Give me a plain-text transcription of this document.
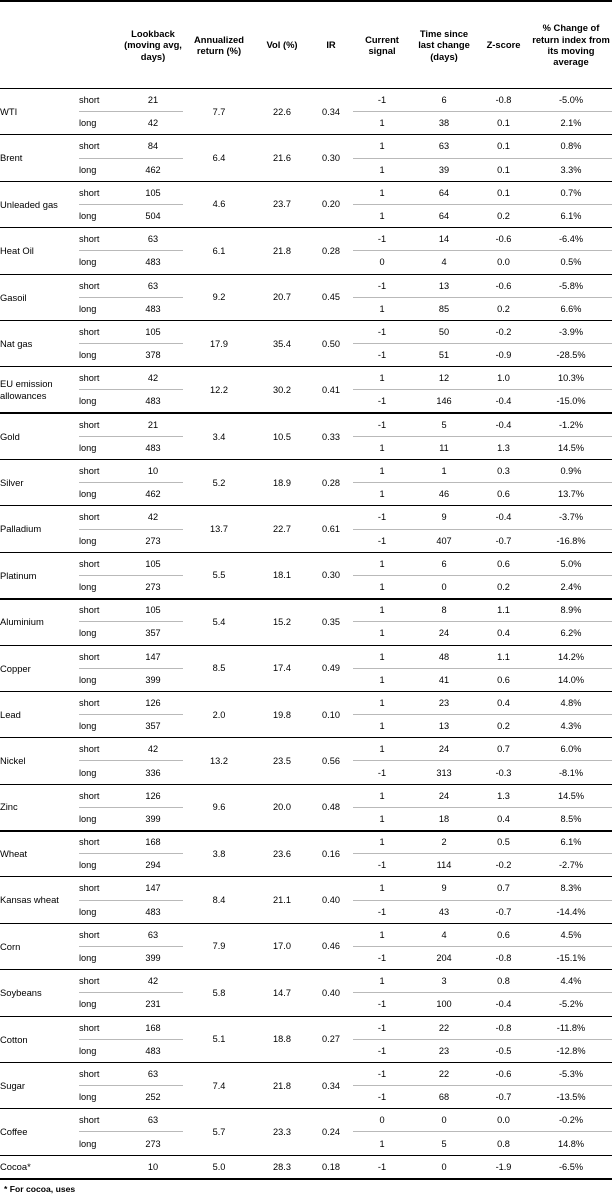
		Lookback (moving avg, days)	Annualized return (%)	Vol (%)	IR	Current signal	Time since last change (days)	Z-score	% Change of return index from its moving average
WTI	short	21	7.7	22.6	0.34	-1	6	-0.8	-5.0%
	long	42				1	38	0.1	2.1%
Brent	short	84	6.4	21.6	0.30	1	63	0.1	0.8%
	long	462				1	39	0.1	3.3%
Unleaded gas	short	105	4.6	23.7	0.20	1	64	0.1	0.7%
	long	504				1	64	0.2	6.1%
Heat Oil	short	63	6.1	21.8	0.28	-1	14	-0.6	-6.4%
	long	483				0	4	0.0	0.5%
Gasoil	short	63	9.2	20.7	0.45	-1	13	-0.6	-5.8%
	long	483				1	85	0.2	6.6%
Nat gas	short	105	17.9	35.4	0.50	-1	50	-0.2	-3.9%
	long	378				-1	51	-0.9	-28.5%
EU emission allowances	short	42	12.2	30.2	0.41	1	12	1.0	10.3%
	long	483				-1	146	-0.4	-15.0%
Gold	short	21	3.4	10.5	0.33	-1	5	-0.4	-1.2%
	long	483				1	11	1.3	14.5%
Silver	short	10	5.2	18.9	0.28	1	1	0.3	0.9%
	long	462				1	46	0.6	13.7%
Palladium	short	42	13.7	22.7	0.61	-1	9	-0.4	-3.7%
	long	273				-1	407	-0.7	-16.8%
Platinum	short	105	5.5	18.1	0.30	1	6	0.6	5.0%
	long	273				1	0	0.2	2.4%
Aluminium	short	105	5.4	15.2	0.35	1	8	1.1	8.9%
	long	357				1	24	0.4	6.2%
Copper	short	147	8.5	17.4	0.49	1	48	1.1	14.2%
	long	399				1	41	0.6	14.0%
Lead	short	126	2.0	19.8	0.10	1	23	0.4	4.8%
	long	357				1	13	0.2	4.3%
Nickel	short	42	13.2	23.5	0.56	1	24	0.7	6.0%
	long	336				-1	313	-0.3	-8.1%
Zinc	short	126	9.6	20.0	0.48	1	24	1.3	14.5%
	long	399				1	18	0.4	8.5%
Wheat	short	168	3.8	23.6	0.16	1	2	0.5	6.1%
	long	294				-1	114	-0.2	-2.7%
Kansas wheat	short	147	8.4	21.1	0.40	1	9	0.7	8.3%
	long	483				-1	43	-0.7	-14.4%
Corn	short	63	7.9	17.0	0.46	1	4	0.6	4.5%
	long	399				-1	204	-0.8	-15.1%
Soybeans	short	42	5.8	14.7	0.40	1	3	0.8	4.4%
	long	231				-1	100	-0.4	-5.2%
Cotton	short	168	5.1	18.8	0.27	-1	22	-0.8	-11.8%
	long	483				-1	23	-0.5	-12.8%
Sugar	short	63	7.4	21.8	0.34	-1	22	-0.6	-5.3%
	long	252				-1	68	-0.7	-13.5%
Coffee	short	63	5.7	23.3	0.24	0	0	0.0	-0.2%
	long	273				1	5	0.8	14.8%
Cocoa*		10	5.0	28.3	0.18	-1	0	-1.9	-6.5%
* For cocoa, uses
